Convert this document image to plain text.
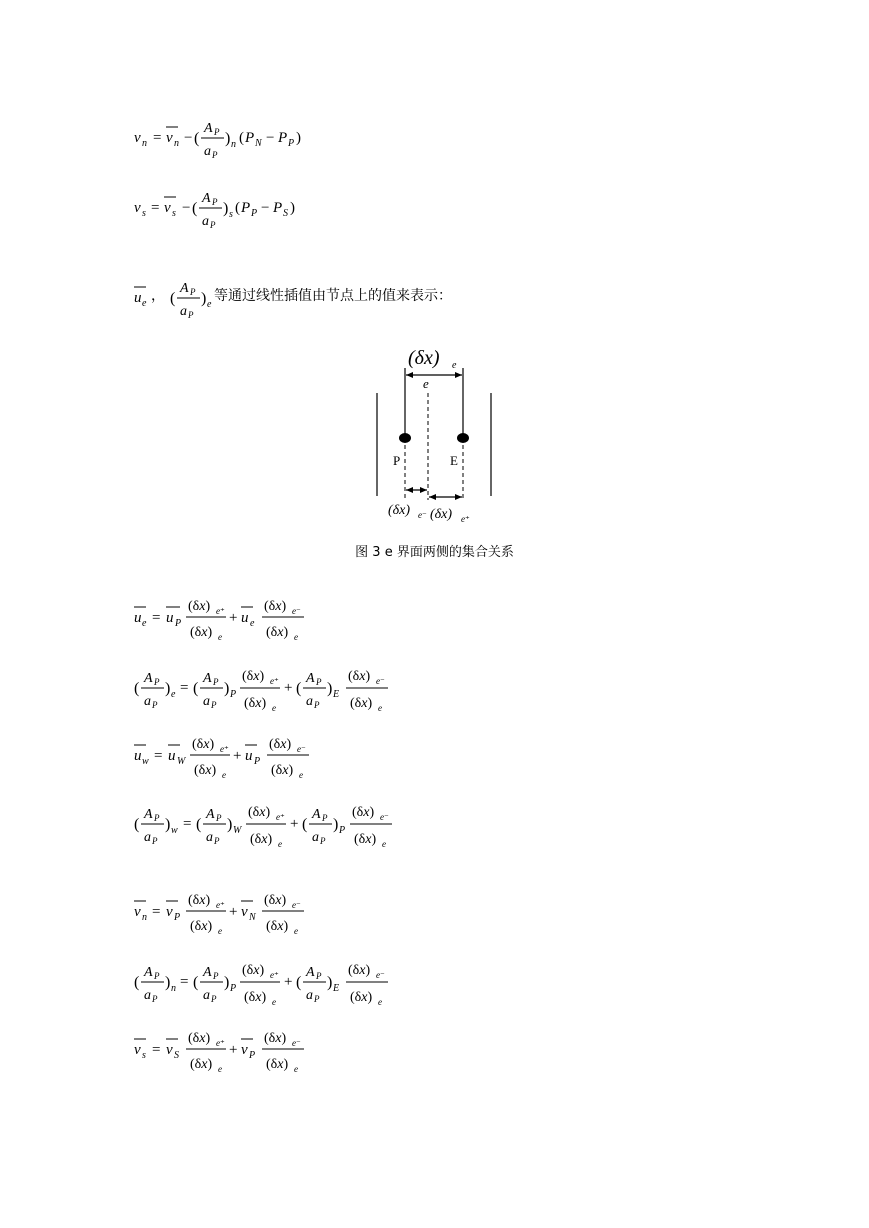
v n = v n − (
A P
a P
) n ( P N − P P )
v s = v s − (
A P
a P
) s ( P P − P S )
u e (
A P
a P
) e
，	等通过线性插值由节点上的值来表示：
(δx) e
e
P	E
(δx) e⁻ (δx) e⁺
图 3 e 界面两侧的集合关系
u e = u P
(δx) e⁺
(δx) e
+ u e
(δx) e⁻
(δx) e
(
A P
a P
) e = (
A P
a P
) P
(δx) e⁺
(δx) e
+ (
A P
a P
) E
(δx) e⁻
(δx) e
u w = u W
(δx) e⁺
(δx) e
+ u P
(δx) e⁻
(δx) e
(
A P
a P
) w = (
A P
a P
) W
(δx) e⁺
(δx) e
+ (
A P
a P
) P
(δx) e⁻
(δx) e
v n = v P
(δx) e⁺
(δx) e
+ v N
(δx) e⁻
(δx) e
(
A P
a P
) n = (
A P
a P
) P
(δx) e⁺
(δx) e
+ (
A P
a P
) E
(δx) e⁻
(δx) e
v s = v S
(δx) e⁺
(δx) e
+ v P
(δx) e⁻
(δx) e
